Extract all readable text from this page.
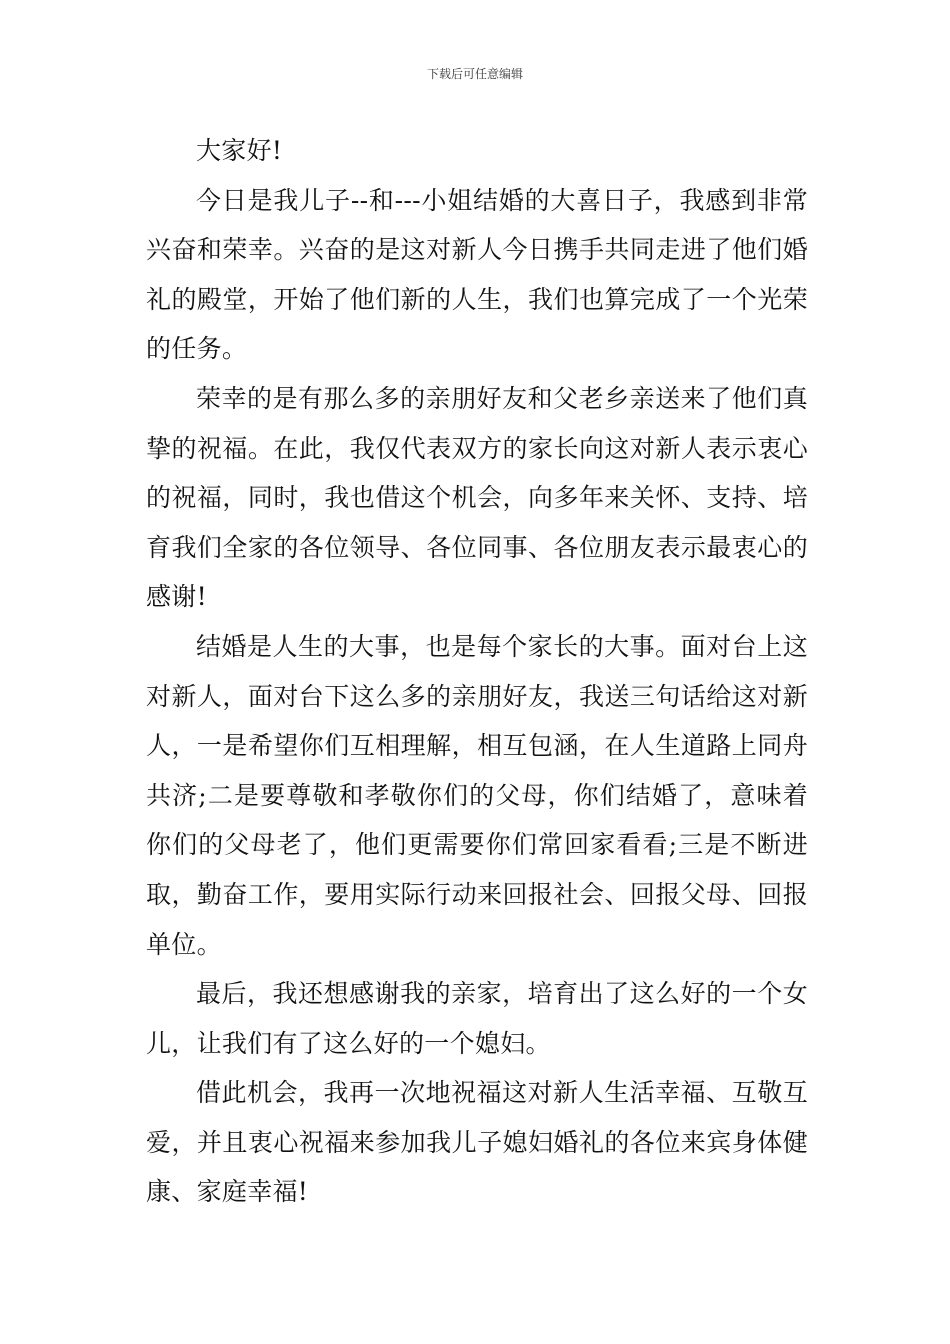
下载后可任意编辑

大家好!

今日是我儿子--和---小姐结婚的大喜日子，我感到非常兴奋和荣幸。兴奋的是这对新人今日携手共同走进了他们婚礼的殿堂，开始了他们新的人生，我们也算完成了一个光荣的任务。

荣幸的是有那么多的亲朋好友和父老乡亲送来了他们真挚的祝福。在此，我仅代表双方的家长向这对新人表示衷心的祝福，同时，我也借这个机会，向多年来关怀、支持、培育我们全家的各位领导、各位同事、各位朋友表示最衷心的感谢!

结婚是人生的大事，也是每个家长的大事。面对台上这对新人，面对台下这么多的亲朋好友，我送三句话给这对新人，一是希望你们互相理解，相互包涵，在人生道路上同舟共济;二是要尊敬和孝敬你们的父母，你们结婚了，意味着你们的父母老了，他们更需要你们常回家看看;三是不断进取，勤奋工作，要用实际行动来回报社会、回报父母、回报单位。

最后，我还想感谢我的亲家，培育出了这么好的一个女儿，让我们有了这么好的一个媳妇。

借此机会，我再一次地祝福这对新人生活幸福、互敬互爱，并且衷心祝福来参加我儿子媳妇婚礼的各位来宾身体健康、家庭幸福!
